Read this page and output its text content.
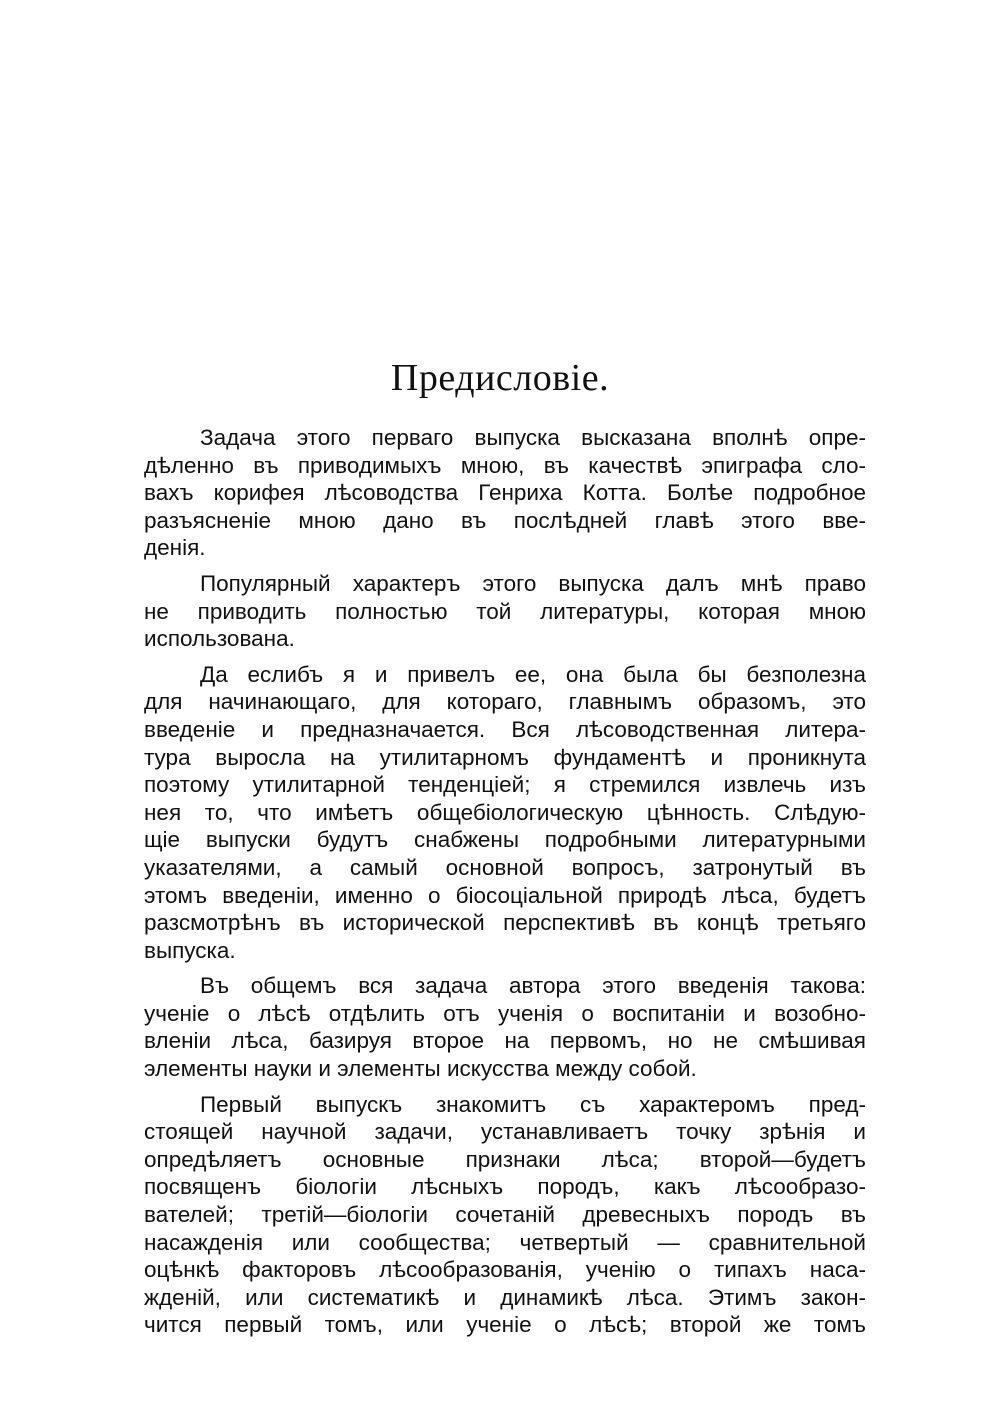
Предисловіе.
Задача этого перваго выпуска высказана вполнѣ опре-
дѣленно въ приводимыхъ мною, въ качествѣ эпиграфа сло-
вахъ корифея лѣсоводства Генриха Котта. Болѣе подробное
разъясненіе мною дано въ послѣдней главѣ этого вве-
денія.
Популярный характеръ этого выпуска далъ мнѣ право
не приводить полностью той литературы, которая мною
использована.
Да еслибъ я и привелъ ее, она была бы безполезна
для начинающаго, для котораго, главнымъ образомъ, это
введеніе и предназначается. Вся лѣсоводственная литера-
тура выросла на утилитарномъ фундаментѣ и проникнута
поэтому утилитарной тенденціей; я стремился извлечь изъ
нея то, что имѣетъ общебіологическую цѣнность. Слѣдую-
щіе выпуски будутъ снабжены подробными литературными
указателями, а самый основной вопросъ, затронутый въ
этомъ введеніи, именно о біосоціальной природѣ лѣса, будетъ
разсмотрѣнъ въ исторической перспективѣ въ концѣ третьяго
выпуска.
Въ общемъ вся задача автора этого введенія такова:
ученіе о лѣсѣ отдѣлить отъ ученія о воспитаніи и возобно-
вленіи лѣса, базируя второе на первомъ, но не смѣшивая
элементы науки и элементы искусства между собой.
Первый выпускъ знакомитъ съ характеромъ пред-
стоящей научной задачи, устанавливаетъ точку зрѣнія и
опредѣляетъ основные признаки лѣса; второй—будетъ
посвященъ біологіи лѣсныхъ породъ, какъ лѣсообразо-
вателей; третій—біологіи сочетаній древесныхъ породъ въ
насажденія или сообщества; четвертый — сравнительной
оцѣнкѣ факторовъ лѣсообразованія, ученію о типахъ наса-
жденій, или систематикѣ и динамикѣ лѣса. Этимъ закон-
чится первый томъ, или ученіе о лѣсѣ; второй же томъ
